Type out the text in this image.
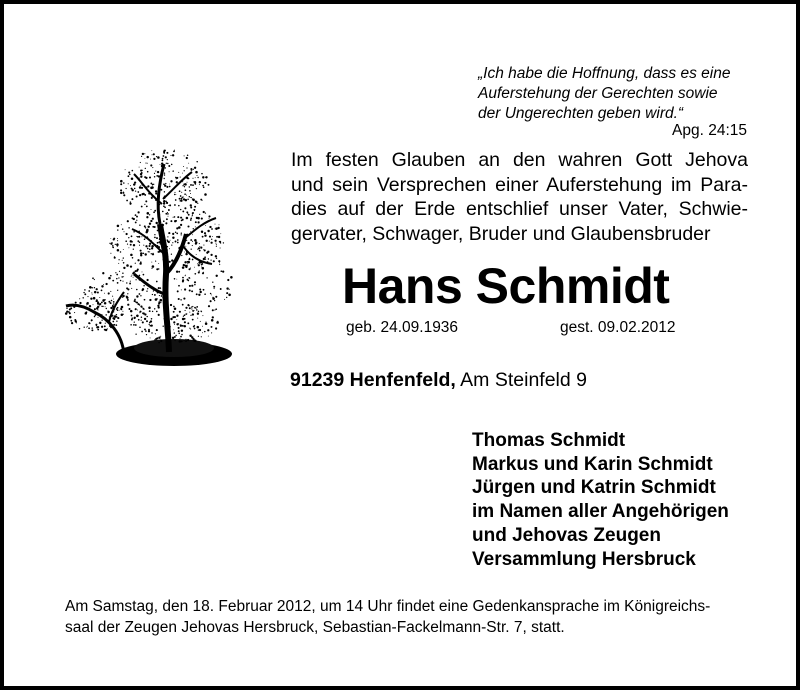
„Ich habe die Hoffnung, dass es eine
Auferstehung der Gerechten sowie
der Ungerechten geben wird.“
Apg. 24:15
Im festen Glauben an den wahren Gott Jehova
und sein Versprechen einer Auferstehung im Para-
dies auf der Erde entschlief unser Vater, Schwie-
gervater, Schwager, Bruder und Glaubensbruder
Hans Schmidt
geb. 24.09.1936	gest. 09.02.2012
91239 Henfenfeld, Am Steinfeld 9
Thomas Schmidt
Markus und Karin Schmidt
Jürgen und Katrin Schmidt
im Namen aller Angehörigen
und Jehovas Zeugen
Versammlung Hersbruck
Am Samstag, den 18. Februar 2012, um 14 Uhr findet eine Gedenkansprache im Königreichs-
saal der Zeugen Jehovas Hersbruck, Sebastian-Fackelmann-Str. 7, statt.
